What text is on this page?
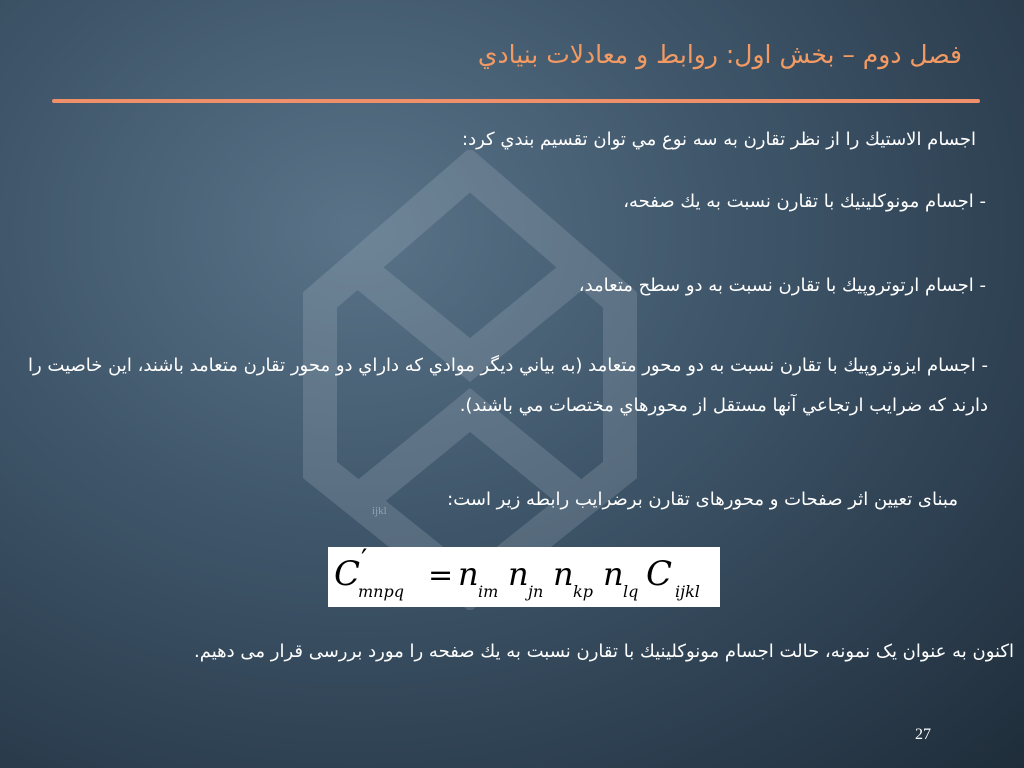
فصل دوم – بخش اول: روابط و معادلات بنيادي
اجسام الاستيك را از نظر تقارن به سه نوع مي توان تقسيم بندي كرد:
- اجسام مونوكلينيك با تقارن نسبت به يك صفحه،
- اجسام ارتوتروپيك با تقارن نسبت به دو سطح متعامد،
- اجسام ايزوتروپيك با تقارن نسبت به دو محور متعامد (به بياني ديگر موادي كه داراي دو محور تقارن متعامد باشند، اين خاصيت را دارند كه ضرايب ارتجاعي آنها مستقل از محورهاي مختصات مي باشند).
مبنای تعیین اثر صفحات و محورهای تقارن برضرایب رابطه زیر است:
ijkl
C ′
mnpq = n im n jn n kp n lq C ijkl
اكنون به عنوان یک نمونه، حالت اجسام مونوكلينيك با تقارن نسبت به يك صفحه را مورد بررسی قرار می دهیم.
27
